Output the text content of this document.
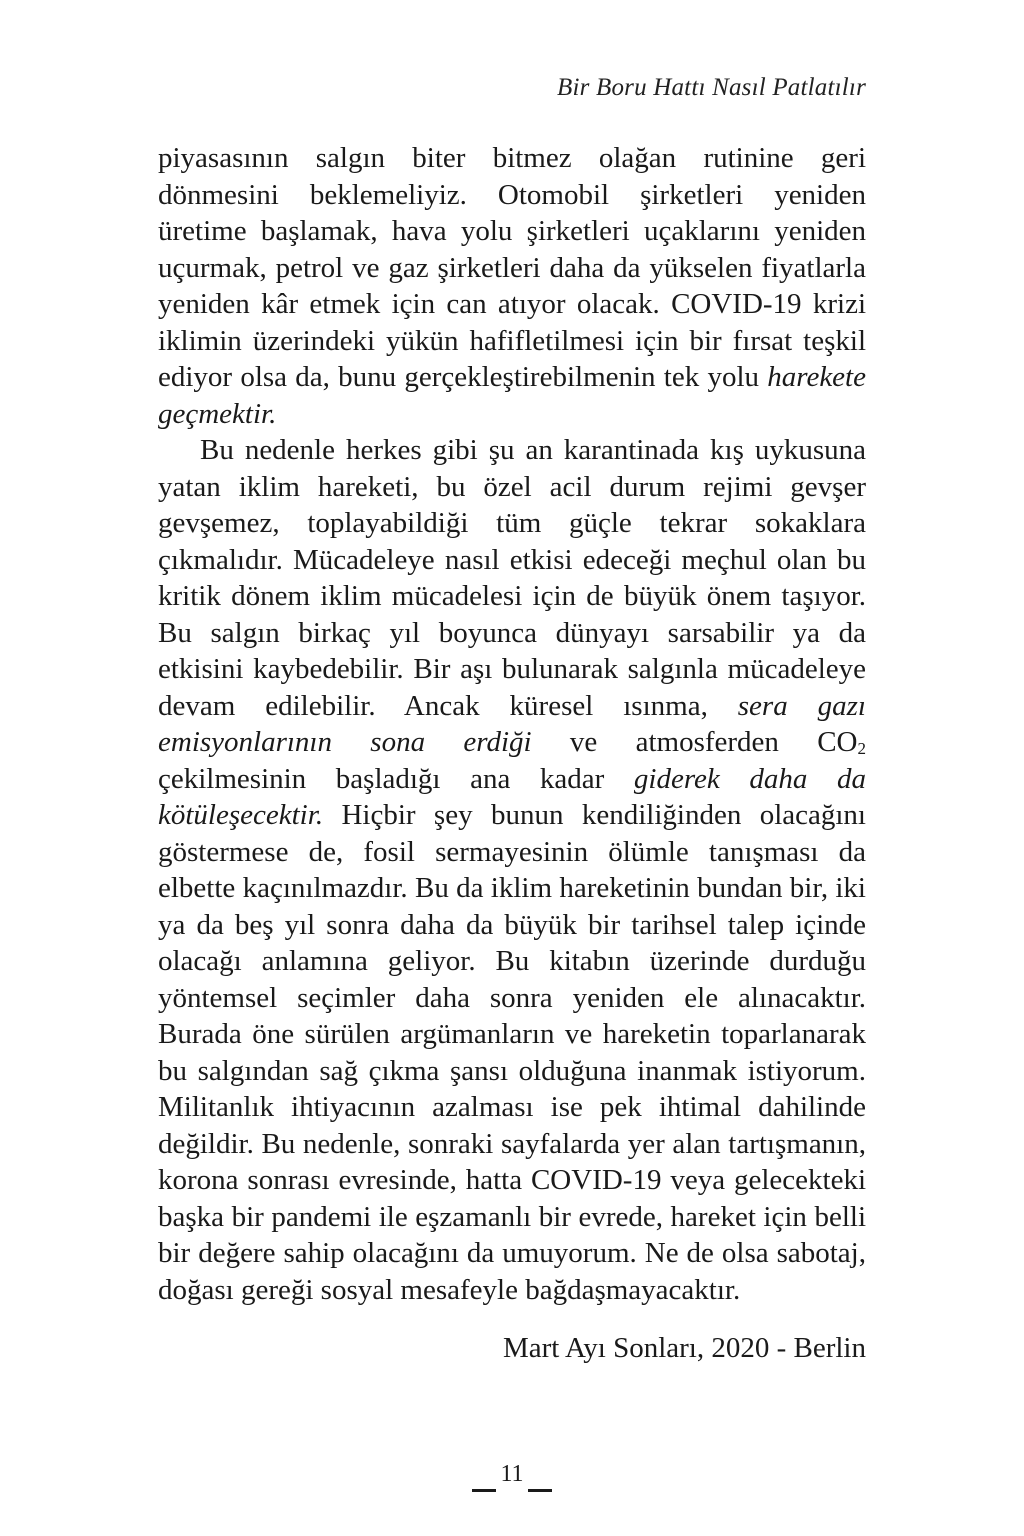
Bir Boru Hattı Nasıl Patlatılır

piyasasının salgın biter bitmez olağan rutinine geri dönmesini beklemeliyiz. Otomobil şirketleri yeniden üretime başlamak, hava yolu şirketleri uçaklarını yeniden uçurmak, petrol ve gaz şirketleri daha da yükselen fiyatlarla yeniden kâr etmek için can atıyor olacak. COVID-19 krizi iklimin üzerindeki yükün hafifletilmesi için bir fırsat teşkil ediyor olsa da, bunu gerçekleştirebilmenin tek yolu harekete geçmektir.

Bu nedenle herkes gibi şu an karantinada kış uykusuna yatan iklim hareketi, bu özel acil durum rejimi gevşer gevşemez, toplayabildiği tüm güçle tekrar sokaklara çıkmalıdır. Mücadeleye nasıl etkisi edeceği meçhul olan bu kritik dönem iklim mücadelesi için de büyük önem taşıyor. Bu salgın birkaç yıl boyunca dünyayı sarsabilir ya da etkisini kaybedebilir. Bir aşı bulunarak salgınla mücadeleye devam edilebilir. Ancak küresel ısınma, sera gazı emisyonlarının sona erdiği ve atmosferden $CO_2$ çekilmesinin başladığı ana kadar giderek daha da kötüleşecektir. Hiçbir şey bunun kendiliğinden olacağını göstermese de, fosil sermayesinin ölümle tanışması da elbette kaçınılmazdır. Bu da iklim hareketinin bundan bir, iki ya da beş yıl sonra daha da büyük bir tarihsel talep içinde olacağı anlamına geliyor. Bu kitabın üzerinde durduğu yöntemsel seçimler daha sonra yeniden ele alınacaktır. Burada öne sürülen argümanların ve hareketin toparlanarak bu salgından sağ çıkma şansı olduğuna inanmak istiyorum. Militanlık ihtiyacının azalması ise pek ihtimal dahilinde değildir. Bu nedenle, sonraki sayfalarda yer alan tartışmanın, korona sonrası evresinde, hatta COVID-19 veya gelecekteki başka bir pandemi ile eşzamanlı bir evrede, hareket için belli bir değere sahip olacağını da umuyorum. Ne de olsa sabotaj, doğası gereği sosyal mesafeyle bağdaşmayacaktır.

Mart Ayı Sonları, 2020 - Berlin
11
